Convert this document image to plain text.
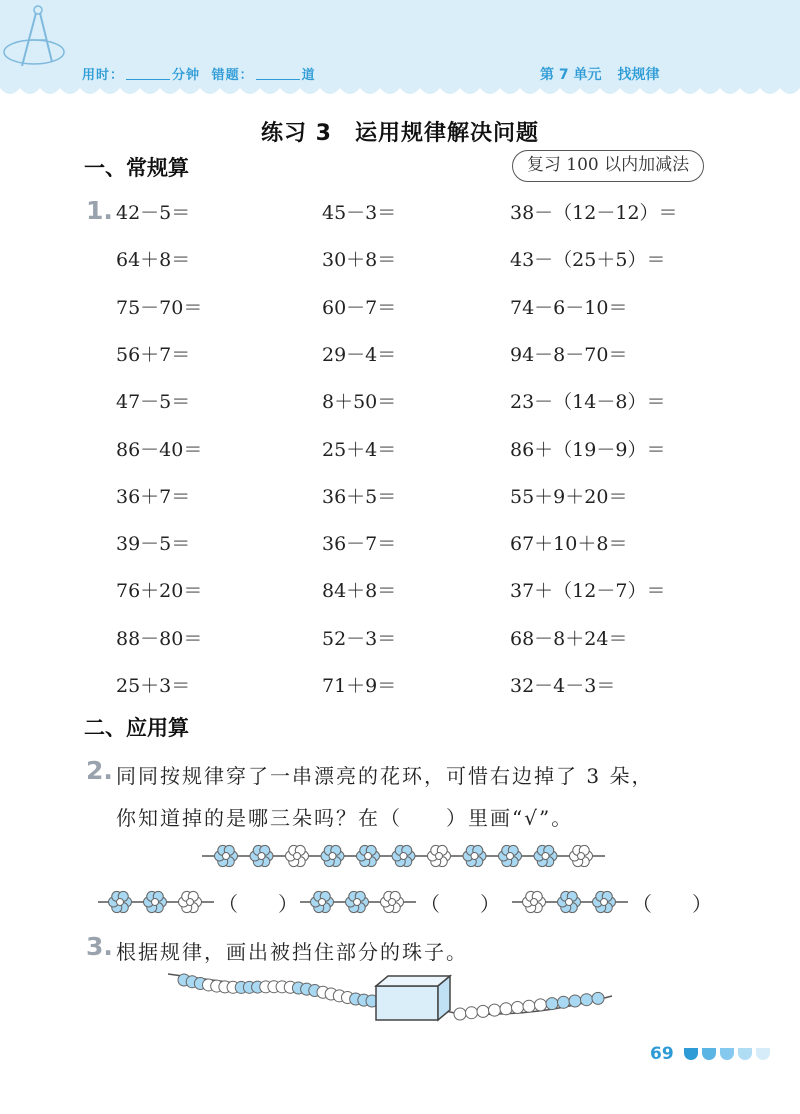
用时：	分钟 错题：	道	第 7 单元 找规律
练习 3　运用规律解决问题
一、常规算	复习 100 以内加减法
1. 42－5＝	45－3＝	38－（12－12）＝
64＋8＝	30＋8＝	43－（25＋5）＝
75－70＝	60－7＝	74－6－10＝
56＋7＝	29－4＝	94－8－70＝
47－5＝	8＋50＝	23－（14－8）＝
86－40＝	25＋4＝	86＋（19－9）＝
36＋7＝	36＋5＝	55＋9＋20＝
39－5＝	36－7＝	67＋10＋8＝
76＋20＝	84＋8＝	37＋（12－7）＝
88－80＝	52－3＝	68－8＋24＝
25＋3＝	71＋9＝	32－4－3＝
二、应用算
2. 同同按规律穿了一串漂亮的花环，可惜右边掉了 3 朵，
你知道掉的是哪三朵吗？在（　　）里画“√”。
（　　）	（　　）	（　　）
3. 根据规律，画出被挡住部分的珠子。
69
